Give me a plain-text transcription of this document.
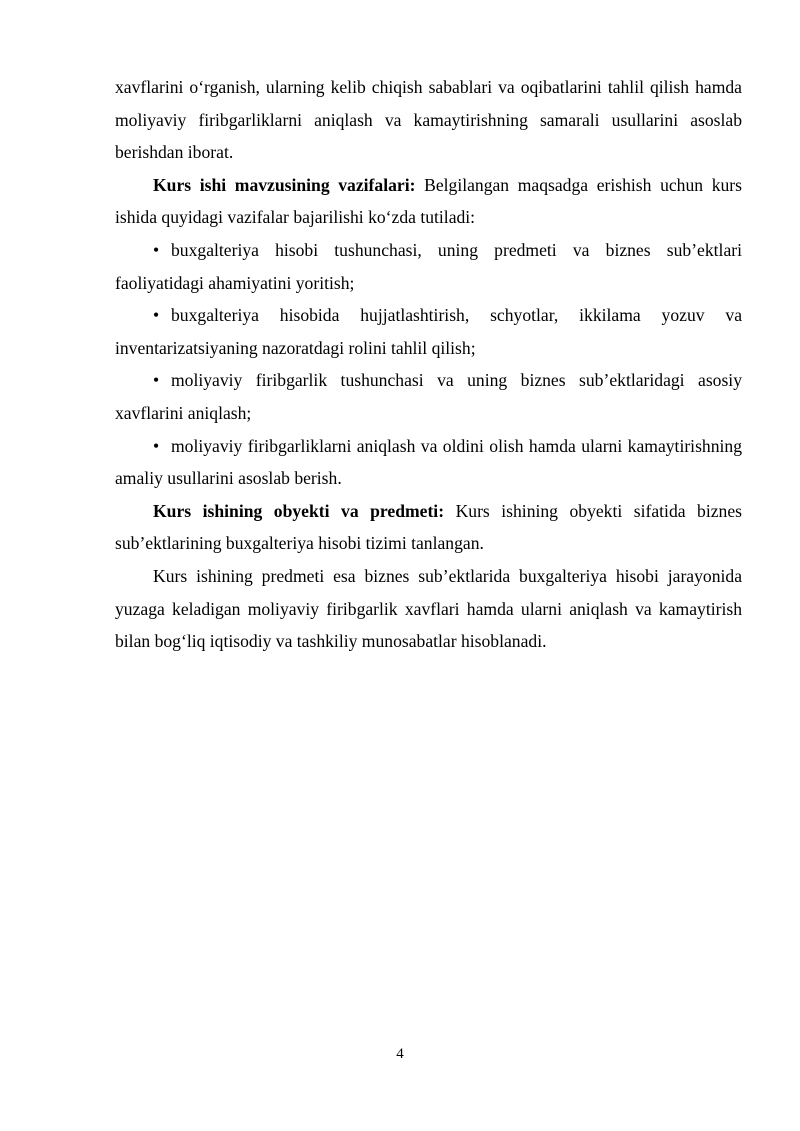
xavflarini o‘rganish, ularning kelib chiqish sabablari va oqibatlarini tahlil qilish hamda moliyaviy firibgarliklarni aniqlash va kamaytirishning samarali usullarini asoslab berishdan iborat.

Kurs ishi mavzusining vazifalari: Belgilangan maqsadga erishish uchun kurs ishida quyidagi vazifalar bajarilishi ko‘zda tutiladi:

• buxgalteriya hisobi tushunchasi, uning predmeti va biznes sub’ektlari faoliyatidagi ahamiyatini yoritish;

• buxgalteriya hisobida hujjatlashtirish, schyotlar, ikkilama yozuv va inventarizatsiyaning nazoratdagi rolini tahlil qilish;

• moliyaviy firibgarlik tushunchasi va uning biznes sub’ektlaridagi asosiy xavflarini aniqlash;

• moliyaviy firibgarliklarni aniqlash va oldini olish hamda ularni kamaytirishning amaliy usullarini asoslab berish.

Kurs ishining obyekti va predmeti: Kurs ishining obyekti sifatida biznes sub’ektlarining buxgalteriya hisobi tizimi tanlangan.

Kurs ishining predmeti esa biznes sub’ektlarida buxgalteriya hisobi jarayonida yuzaga keladigan moliyaviy firibgarlik xavflari hamda ularni aniqlash va kamaytirish bilan bog‘liq iqtisodiy va tashkiliy munosabatlar hisoblanadi.

4
